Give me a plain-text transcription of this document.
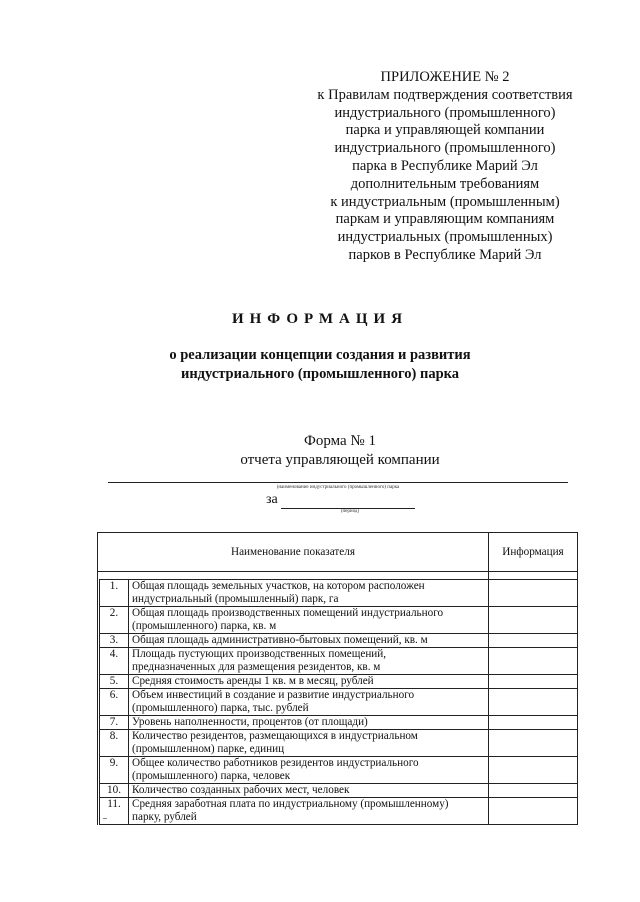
ПРИЛОЖЕНИЕ № 2
к Правилам подтверждения соответствия
индустриального (промышленного)
парка и управляющей компании
индустриального (промышленного)
парка в Республике Марий Эл
дополнительным требованиям
к индустриальным (промышленным)
паркам и управляющим компаниям
индустриальных (промышленных)
парков в Республике Марий Эл
ИНФОРМАЦИЯ
о реализации концепции создания и развития
индустриального (промышленного) парка
Форма № 1
отчета управляющей компании
(наименование индустриального (промышленного) парка
за
(период)
Наименование показателя			Информация

	1.	Общая площадь земельных участков, на котором расположен
индустриальный (промышленный) парк, га	

	2.	Общая площадь производственных помещений индустриального
(промышленного) парка, кв. м	

	3.	Общая площадь административно-бытовых помещений, кв. м	

	4.	Площадь пустующих производственных помещений,
предназначенных для размещения резидентов, кв. м	

	5.	Средняя стоимость аренды 1 кв. м в месяц, рублей	

	6.	Объем инвестиций в создание и развитие индустриального
(промышленного) парка, тыс. рублей	

	7.	Уровень наполненности, процентов (от площади)	

	8.	Количество резидентов, размещающихся в индустриальном
(промышленном) парке, единиц	

	9.	Общее количество работников резидентов индустриального
(промышленного) парка, человек	

	10.	Количество созданных рабочих мест, человек	

	11.	Средняя заработная плата по индустриальному (промышленному)
парку, рублей	
